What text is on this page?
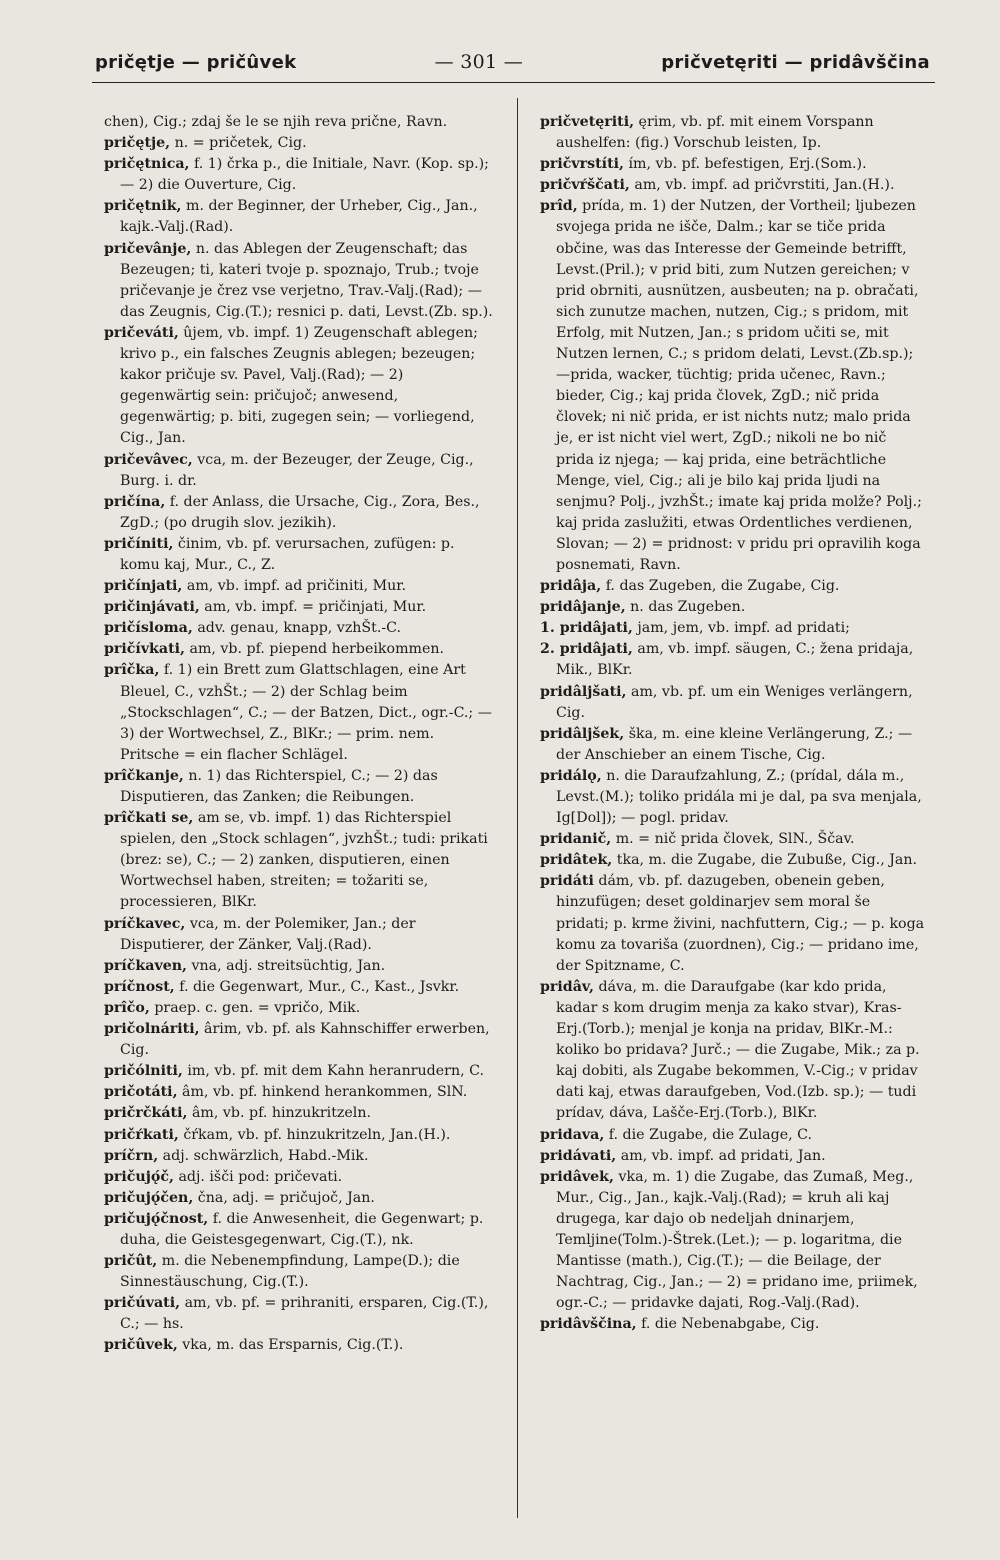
pričętje — pričûvek	— 301 —	pričvetęriti — pridâvščina

chen), Cig.; zdaj še le se njih reva prične, Ravn.

pričętje, n. = pričetek, Cig.

pričętnica, f. 1) črka p., die Initiale, Navr. (Kop. sp.); — 2) die Ouverture, Cig.

pričętnik, m. der Beginner, der Urheber, Cig., Jan., kajk.-Valj.(Rad).

pričevânje, n. das Ablegen der Zeugenschaft; das Bezeugen; ti, kateri tvoje p. spoznajo, Trub.; tvoje pričevanje je črez vse verjetno, Trav.-Valj.(Rad); — das Zeugnis, Cig.(T.); resnici p. dati, Levst.(Zb. sp.).

pričeváti, ûjem, vb. impf. 1) Zeugenschaft ablegen; krivo p., ein falsches Zeugnis ablegen; bezeugen; kakor pričuje sv. Pavel, Valj.(Rad); — 2) gegenwärtig sein: pričujoč; anwesend, gegenwärtig; p. biti, zugegen sein; — vorliegend, Cig., Jan.

pričevâvec, vca, m. der Bezeuger, der Zeuge, Cig., Burg. i. dr.

pričína, f. der Anlass, die Ursache, Cig., Zora, Bes., ZgD.; (po drugih slov. jezikih).

pričíniti, činim, vb. pf. verursachen, zufügen: p. komu kaj, Mur., C., Z.

pričínjati, am, vb. impf. ad pričiniti, Mur.

pričinjávati, am, vb. impf. = pričinjati, Mur.

pričísloma, adv. genau, knapp, vzhŠt.-C.

pričívkati, am, vb. pf. piepend herbeikommen.

prîčka, f. 1) ein Brett zum Glattschlagen, eine Art Bleuel, C., vzhŠt.; — 2) der Schlag beim „Stockschlagen“, C.; — der Batzen, Dict., ogr.-C.; — 3) der Wortwechsel, Z., BlKr.; — prim. nem. Pritsche = ein flacher Schlägel.

prîčkanje, n. 1) das Richterspiel, C.; — 2) das Disputieren, das Zanken; die Reibungen.

prîčkati se, am se, vb. impf. 1) das Richterspiel spielen, den „Stock schlagen“, jvzhŠt.; tudi: prikati (brez: se), C.; — 2) zanken, disputieren, einen Wortwechsel haben, streiten; = tožariti se, processieren, BlKr.

príčkavec, vca, m. der Polemiker, Jan.; der Disputierer, der Zänker, Valj.(Rad).

príčkaven, vna, adj. streitsüchtig, Jan.

príčnost, f. die Gegenwart, Mur., C., Kast., Jsvkr.

prîčo, praep. c. gen. = vpričo, Mik.

pričolnáriti, ârim, vb. pf. als Kahnschiffer erwerben, Cig.

pričólniti, im, vb. pf. mit dem Kahn heranrudern, C.

pričotáti, âm, vb. pf. hinkend herankommen, SlN.

pričrčkáti, âm, vb. pf. hinzukritzeln.

pričŕkati, čŕkam, vb. pf. hinzukritzeln, Jan.(H.).

príčrn, adj. schwärzlich, Habd.-Mik.

pričujǫ́č, adj. išči pod: pričevati.

pričujǫ́čen, čna, adj. = pričujoč, Jan.

pričujǫ́čnost, f. die Anwesenheit, die Gegenwart; p. duha, die Geistesgegenwart, Cig.(T.), nk.

pričût, m. die Nebenempfindung, Lampe(D.); die Sinnestäuschung, Cig.(T.).

pričúvati, am, vb. pf. = prihraniti, ersparen, Cig.(T.), C.; — hs.

pričûvek, vka, m. das Ersparnis, Cig.(T.).

pričvetęriti, ęrim, vb. pf. mit einem Vorspann aushelfen: (fig.) Vorschub leisten, Ip.

pričvrstíti, ím, vb. pf. befestigen, Erj.(Som.).

pričvŕščati, am, vb. impf. ad pričvrstiti, Jan.(H.).

prîd, prída, m. 1) der Nutzen, der Vortheil; ljubezen svojega prida ne išče, Dalm.; kar se tiče prida občine, was das Interesse der Gemeinde betrifft, Levst.(Pril.); v prid biti, zum Nutzen gereichen; v prid obrniti, ausnützen, ausbeuten; na p. obračati, sich zunutze machen, nutzen, Cig.; s pridom, mit Erfolg, mit Nutzen, Jan.; s pridom učiti se, mit Nutzen lernen, C.; s pridom delati, Levst.(Zb.sp.);—prida, wacker, tüchtig; prida učenec, Ravn.; bieder, Cig.; kaj prida človek, ZgD.; nič prida človek; ni nič prida, er ist nichts nutz; malo prida je, er ist nicht viel wert, ZgD.; nikoli ne bo nič prida iz njega; — kaj prida, eine beträchtliche Menge, viel, Cig.; ali je bilo kaj prida ljudi na senjmu? Polj., jvzhŠt.; imate kaj prida molže? Polj.; kaj prida zaslužiti, etwas Ordentliches verdienen, Slovan; — 2) = pridnost: v pridu pri opravilih koga posnemati, Ravn.

pridâja, f. das Zugeben, die Zugabe, Cig.

pridâjanje, n. das Zugeben.

1. pridâjati, jam, jem, vb. impf. ad pridati;

2. pridâjati, am, vb. impf. säugen, C.; žena pridaja, Mik., BlKr.

pridâljšati, am, vb. pf. um ein Weniges verlängern, Cig.

pridâljšek, ška, m. eine kleine Verlängerung, Z.; — der Anschieber an einem Tische, Cig.

pridálǫ, n. die Daraufzahlung, Z.; (prídal, dála m., Levst.(M.); toliko pridála mi je dal, pa sva menjala, Ig[Dol]); — pogl. pridav.

pridanič, m. = nič prida človek, SlN., Ščav.

pridâtek, tka, m. die Zugabe, die Zubuße, Cig., Jan.

pridáti dám, vb. pf. dazugeben, obenein geben, hinzufügen; deset goldinarjev sem moral še pridati; p. krme živini, nachfuttern, Cig.; — p. koga komu za tovariša (zuordnen), Cig.; — pridano ime, der Spitzname, C.

pridâv, dáva, m. die Daraufgabe (kar kdo prida, kadar s kom drugim menja za kako stvar), Kras-Erj.(Torb.); menjal je konja na pridav, BlKr.-M.: koliko bo pridava? Jurč.; — die Zugabe, Mik.; za p. kaj dobiti, als Zugabe bekommen, V.-Cig.; v pridav dati kaj, etwas daraufgeben, Vod.(Izb. sp.); — tudi prídav, dáva, Lašče-Erj.(Torb.), BlKr.

pridava, f. die Zugabe, die Zulage, C.

pridávati, am, vb. impf. ad pridati, Jan.

pridâvek, vka, m. 1) die Zugabe, das Zumaß, Meg., Mur., Cig., Jan., kajk.-Valj.(Rad); = kruh ali kaj drugega, kar dajo ob nedeljah dninarjem, Temljine(Tolm.)-Štrek.(Let.); — p. logaritma, die Mantisse (math.), Cig.(T.); — die Beilage, der Nachtrag, Cig., Jan.; — 2) = pridano ime, priimek, ogr.-C.; — pridavke dajati, Rog.-Valj.(Rad).

pridâvščina, f. die Nebenabgabe, Cig.
